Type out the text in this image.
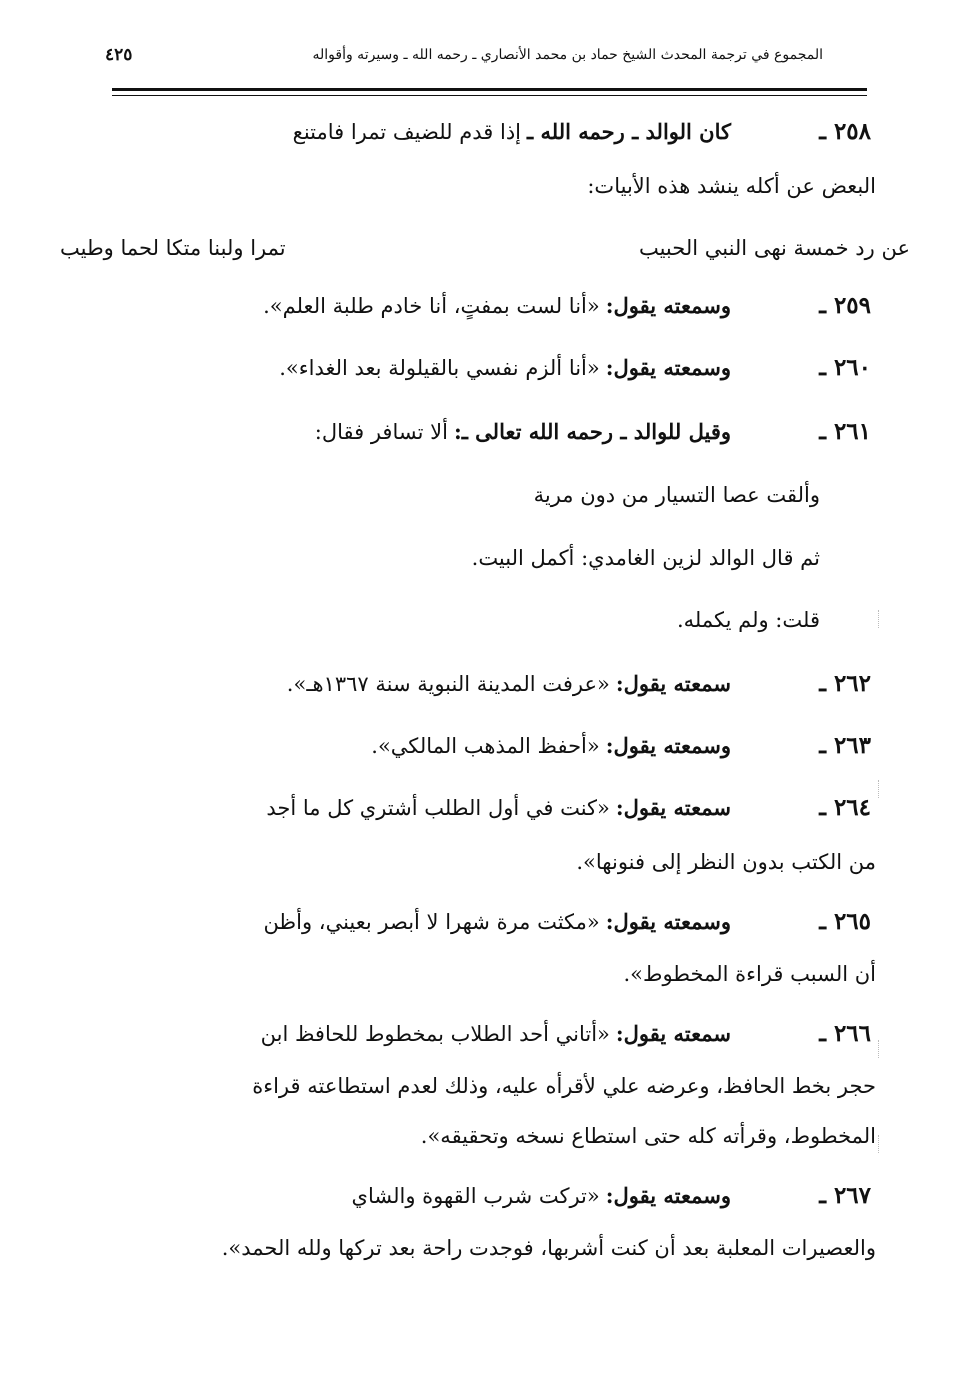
المجموع في ترجمة المحدث الشيخ حماد بن محمد الأنصاري ـ رحمه الله ـ وسيرته وأقواله
٤٢٥
٢٥٨ ـ
كان الوالد ـ رحمه الله ـ
إذا قدم للضيف تمرا فامتنع
البعض عن أكله ينشد هذه الأبيات:
عن رد خمسة نهى النبي الحبيب
تمرا ولبنا متكا لحما وطيب
٢٥٩ ـ
وسمعته يقول:
«أنا لست بمفتٍ، أنا خادم طلبة العلم».
٢٦٠ ـ
وسمعته يقول:
«أنا ألزم نفسي بالقيلولة بعد الغداء».
٢٦١ ـ
وقيل للوالد ـ رحمه الله تعالى ـ:
ألا تسافر فقال:
وألقت عصا التسيار من دون مرية
ثم قال الوالد لزين الغامدي: أكمل البيت.
قلت: ولم يكمله.
٢٦٢ ـ
سمعته يقول:
«عرفت المدينة النبوية سنة ١٣٦٧هـ».
٢٦٣ ـ
وسمعته يقول:
«أحفظ المذهب المالكي».
٢٦٤ ـ
سمعته يقول:
«كنت في أول الطلب أشتري كل ما أجد
من الكتب بدون النظر إلى فنونها».
٢٦٥ ـ
وسمعته يقول:
«مكثت مرة شهرا لا أبصر بعيني، وأظن
أن السبب قراءة المخطوط».
٢٦٦ ـ
سمعته يقول:
«أتاني أحد الطلاب بمخطوط للحافظ ابن
حجر بخط الحافظ، وعرضه علي لأقرأه عليه، وذلك لعدم استطاعته قراءة
المخطوط، وقرأته كله حتى استطاع نسخه وتحقيقه».
٢٦٧ ـ
وسمعته يقول:
«تركت شرب القهوة والشاي
والعصيرات المعلبة بعد أن كنت أشربها، فوجدت راحة بعد تركها ولله الحمد».
